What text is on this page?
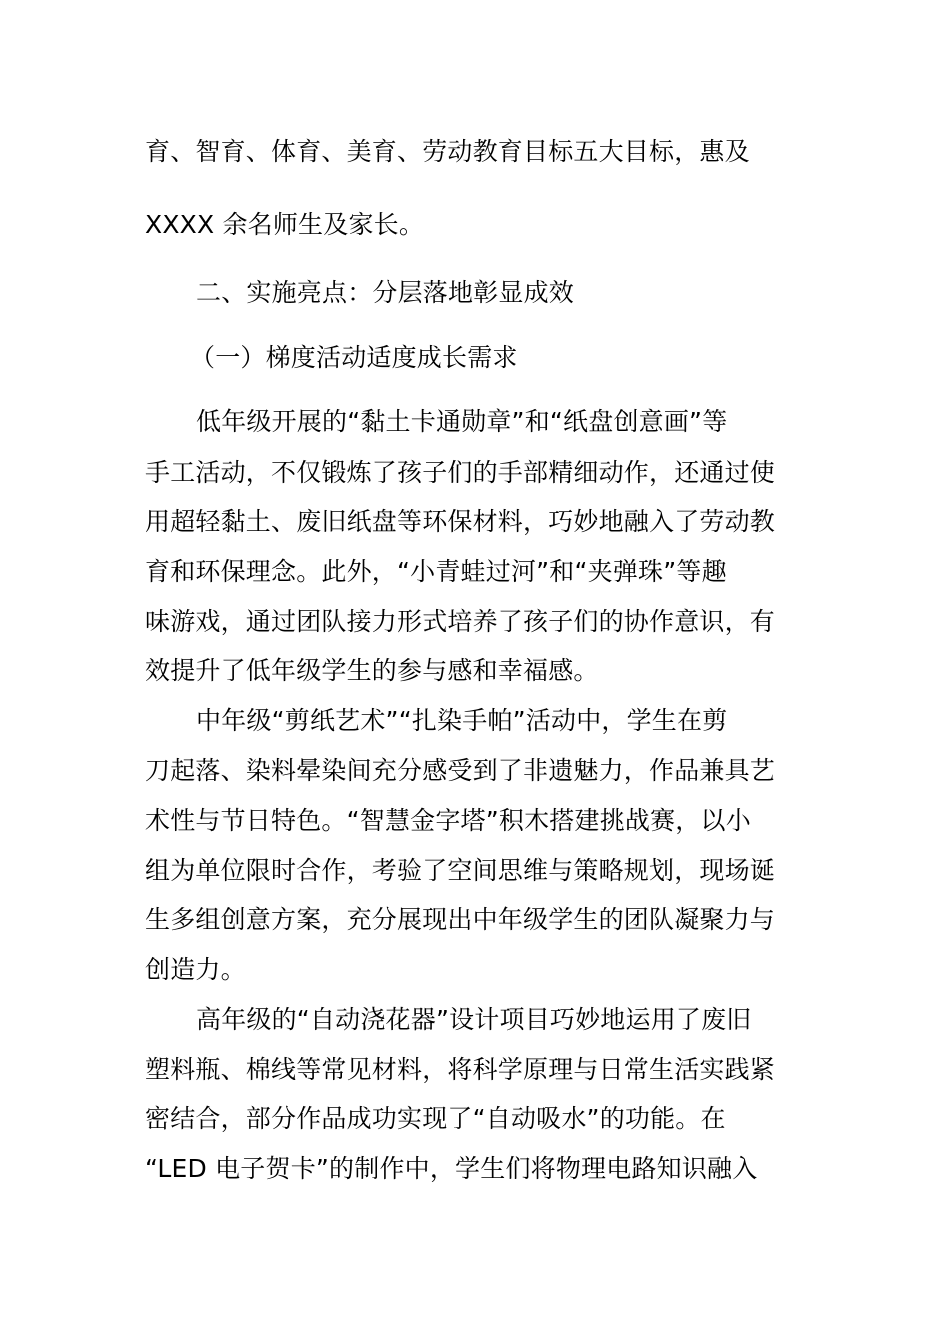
育、智育、体育、美育、劳动教育目标五大目标，惠及
XXXX 余名师生及家长。
二、实施亮点：分层落地彰显成效
（一）梯度活动适度成长需求
低年级开展的“黏土卡通勋章”和“纸盘创意画”等
手工活动，不仅锻炼了孩子们的手部精细动作，还通过使
用超轻黏土、废旧纸盘等环保材料，巧妙地融入了劳动教
育和环保理念。此外，“小青蛙过河”和“夹弹珠”等趣
味游戏，通过团队接力形式培养了孩子们的协作意识，有
效提升了低年级学生的参与感和幸福感。
中年级“剪纸艺术”“扎染手帕”活动中，学生在剪
刀起落、染料晕染间充分感受到了非遗魅力，作品兼具艺
术性与节日特色。“智慧金字塔”积木搭建挑战赛，以小
组为单位限时合作，考验了空间思维与策略规划，现场诞
生多组创意方案，充分展现出中年级学生的团队凝聚力与
创造力。
高年级的“自动浇花器”设计项目巧妙地运用了废旧
塑料瓶、棉线等常见材料，将科学原理与日常生活实践紧
密结合，部分作品成功实现了“自动吸水”的功能。在
“LED 电子贺卡”的制作中，学生们将物理电路知识融入
